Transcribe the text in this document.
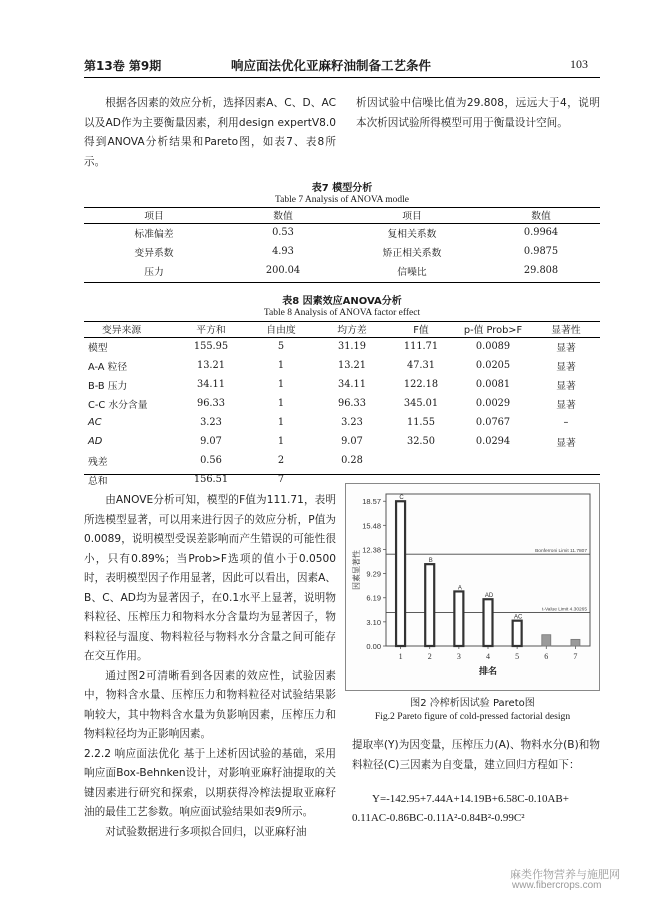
第13卷 第9期	响应面法优化亚麻籽油制备工艺条件	103
根据各因素的效应分析，选择因素A、C、D、AC以及AD作为主要衡量因素，利用design expertV8.0得到ANOVA分析结果和Pareto图，如表7、表8所示。
析因试验中信噪比值为29.808，远远大于4，说明本次析因试验所得模型可用于衡量设计空间。
表7 模型分析
Table 7 Analysis of ANOVA modle
项目	数值	项目	数值
标准偏差	0.53	复相关系数	0.9964
变异系数	4.93	矫正相关系数	0.9875
压力	200.04	信噪比	29.808
表8 因素效应ANOVA分析
Table 8 Analysis of ANOVA factor effect
变异来源	平方和	自由度	均方差	F值	p-值 Prob>F	显著性
模型	155.95	5	31.19	111.71	0.0089	显著
A-A 粒径	13.21	1	13.21	47.31	0.0205	显著
B-B 压力	34.11	1	34.11	122.18	0.0081	显著
C-C 水分含量	96.33	1	96.33	345.01	0.0029	显著
AC	3.23	1	3.23	11.55	0.0767	–
AD	9.07	1	9.07	32.50	0.0294	显著
残差	0.56	2	0.28			
总和	156.51	7				

由ANOVE分析可知，模型的F值为111.71，表明所选模型显著，可以用来进行因子的效应分析，P值为0.0089，说明模型受误差影响而产生错误的可能性很小，只有0.89%；当Prob>F选项的值小于0.0500时，表明模型因子作用显著，因此可以看出，因素A、B、C、AD均为显著因子，在0.1水平上显著，说明物料粒径、压榨压力和物料水分含量均为显著因子，物料粒径与温度、物料粒径与物料水分含量之间可能存在交互作用。

通过图2可清晰看到各因素的效应性，试验因素中，物料含水量、压榨压力和物料粒径对试验结果影响较大，其中物料含水量为负影响因素，压榨压力和物料粒径均为正影响因素。

2.2.2 响应面法优化 基于上述析因试验的基础，采用响应面Box-Behnken设计，对影响亚麻籽油提取的关键因素进行研究和探索，以期获得冷榨法提取亚麻籽油的最佳工艺参数。响应面试验结果如表9所示。

对试验数据进行多项拟合回归，以亚麻籽油

0.00
3.10
6.19
9.29
12.38
15.48
18.57
Bonferroni Limit 11.7807
t-Value Limit 4.30265
C
1
B
2
A
3
AD
4
AC
5	6	7
排名
因素显著性
图2 冷榨析因试验 Pareto图
Fig.2 Pareto figure of cold-pressed factorial design
提取率(Y)为因变量，压榨压力(A)、物料水分(B)和物料粒径(C)三因素为自变量，建立回归方程如下：
Y=-142.95+7.44A+14.19B+6.58C-0.10AB+
0.11AC-0.86BC-0.11A²-0.84B²-0.99C²
麻类作物营养与施肥网
www.fibercrops.com
